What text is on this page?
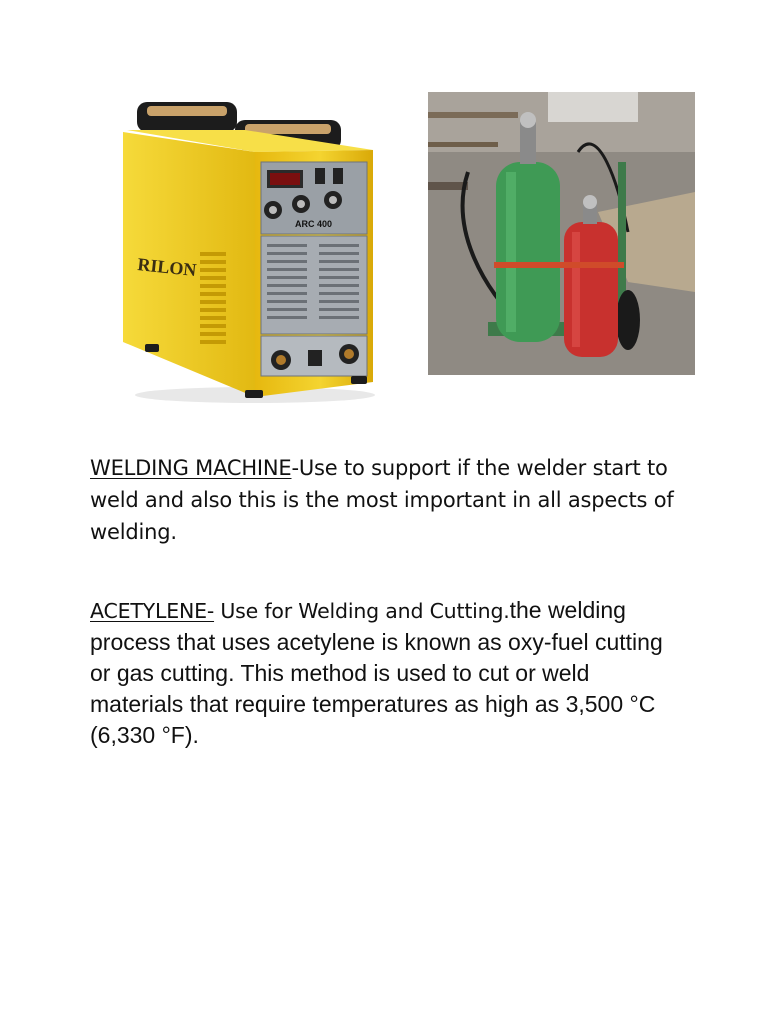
RILON
ARC 400

WELDING MACHINE-Use to support if the welder start to weld and also this is the most important in all aspects of welding.

ACETYLENE- Use for Welding and Cutting.the welding process that uses acetylene is known as oxy-fuel cutting or gas cutting. This method is used to cut or weld materials that require temperatures as high as 3,500 °C (6,330 °F).
